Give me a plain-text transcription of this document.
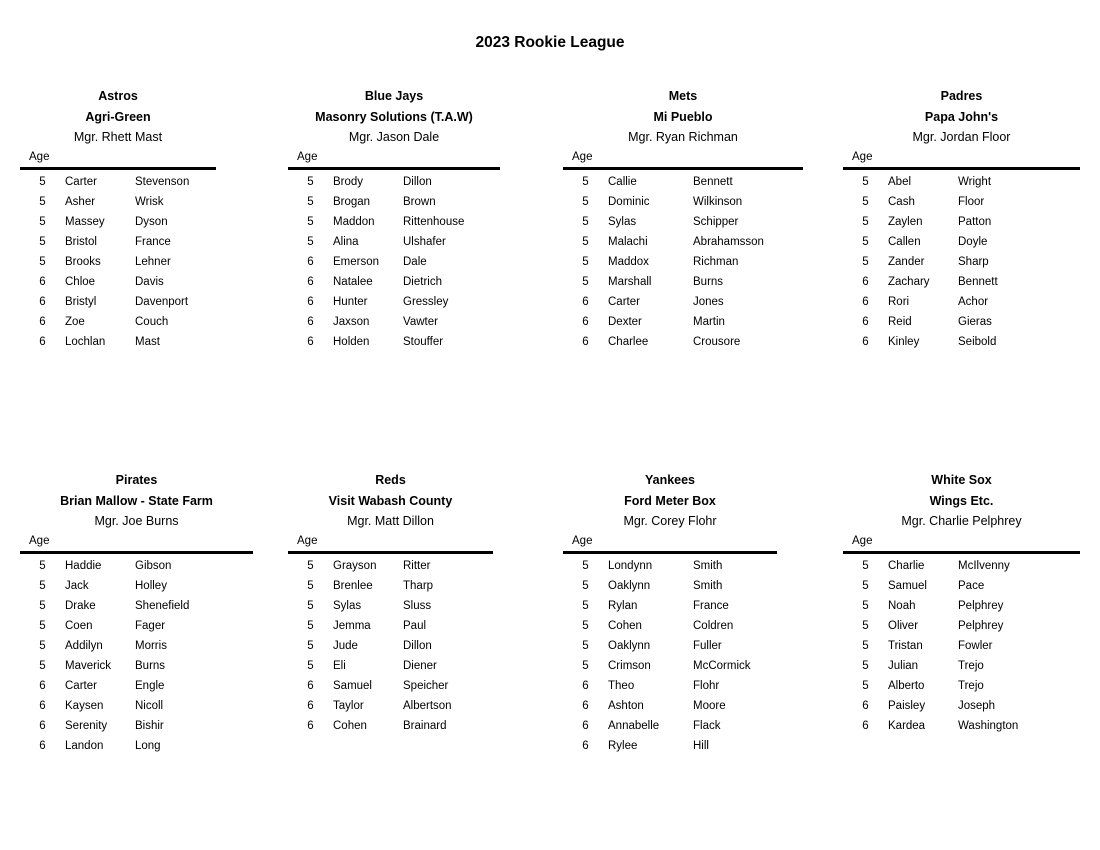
2023 Rookie League
Astros
Agri-Green
Mgr. Rhett Mast
Age
5	Carter	Stevenson
5	Asher	Wrisk
5	Massey	Dyson
5	Bristol	France
5	Brooks	Lehner
6	Chloe	Davis
6	Bristyl	Davenport
6	Zoe	Couch
6	Lochlan	Mast
Blue Jays
Masonry Solutions (T.A.W)
Mgr. Jason Dale
Age
5	Brody	Dillon
5	Brogan	Brown
5	Maddon	Rittenhouse
5	Alina	Ulshafer
6	Emerson	Dale
6	Natalee	Dietrich
6	Hunter	Gressley
6	Jaxson	Vawter
6	Holden	Stouffer
Mets
Mi Pueblo
Mgr. Ryan Richman
Age
5	Callie	Bennett
5	Dominic	Wilkinson
5	Sylas	Schipper
5	Malachi	Abrahamsson
5	Maddox	Richman
5	Marshall	Burns
6	Carter	Jones
6	Dexter	Martin
6	Charlee	Crousore
Padres
Papa John's
Mgr. Jordan Floor
Age
5	Abel	Wright
5	Cash	Floor
5	Zaylen	Patton
5	Callen	Doyle
5	Zander	Sharp
6	Zachary	Bennett
6	Rori	Achor
6	Reid	Gieras
6	Kinley	Seibold
Pirates
Brian Mallow - State Farm
Mgr. Joe Burns
Age
5	Haddie	Gibson
5	Jack	Holley
5	Drake	Shenefield
5	Coen	Fager
5	Addilyn	Morris
5	Maverick	Burns
6	Carter	Engle
6	Kaysen	Nicoll
6	Serenity	Bishir
6	Landon	Long
Reds
Visit Wabash County
Mgr. Matt Dillon
Age
5	Grayson	Ritter
5	Brenlee	Tharp
5	Sylas	Sluss
5	Jemma	Paul
5	Jude	Dillon
5	Eli	Diener
6	Samuel	Speicher
6	Taylor	Albertson
6	Cohen	Brainard
Yankees
Ford Meter Box
Mgr. Corey Flohr
Age
5	Londynn	Smith
5	Oaklynn	Smith
5	Rylan	France
5	Cohen	Coldren
5	Oaklynn	Fuller
5	Crimson	McCormick
6	Theo	Flohr
6	Ashton	Moore
6	Annabelle	Flack
6	Rylee	Hill
White Sox
Wings Etc.
Mgr. Charlie Pelphrey
Age
5	Charlie	McIlvenny
5	Samuel	Pace
5	Noah	Pelphrey
5	Oliver	Pelphrey
5	Tristan	Fowler
5	Julian	Trejo
5	Alberto	Trejo
6	Paisley	Joseph
6	Kardea	Washington
